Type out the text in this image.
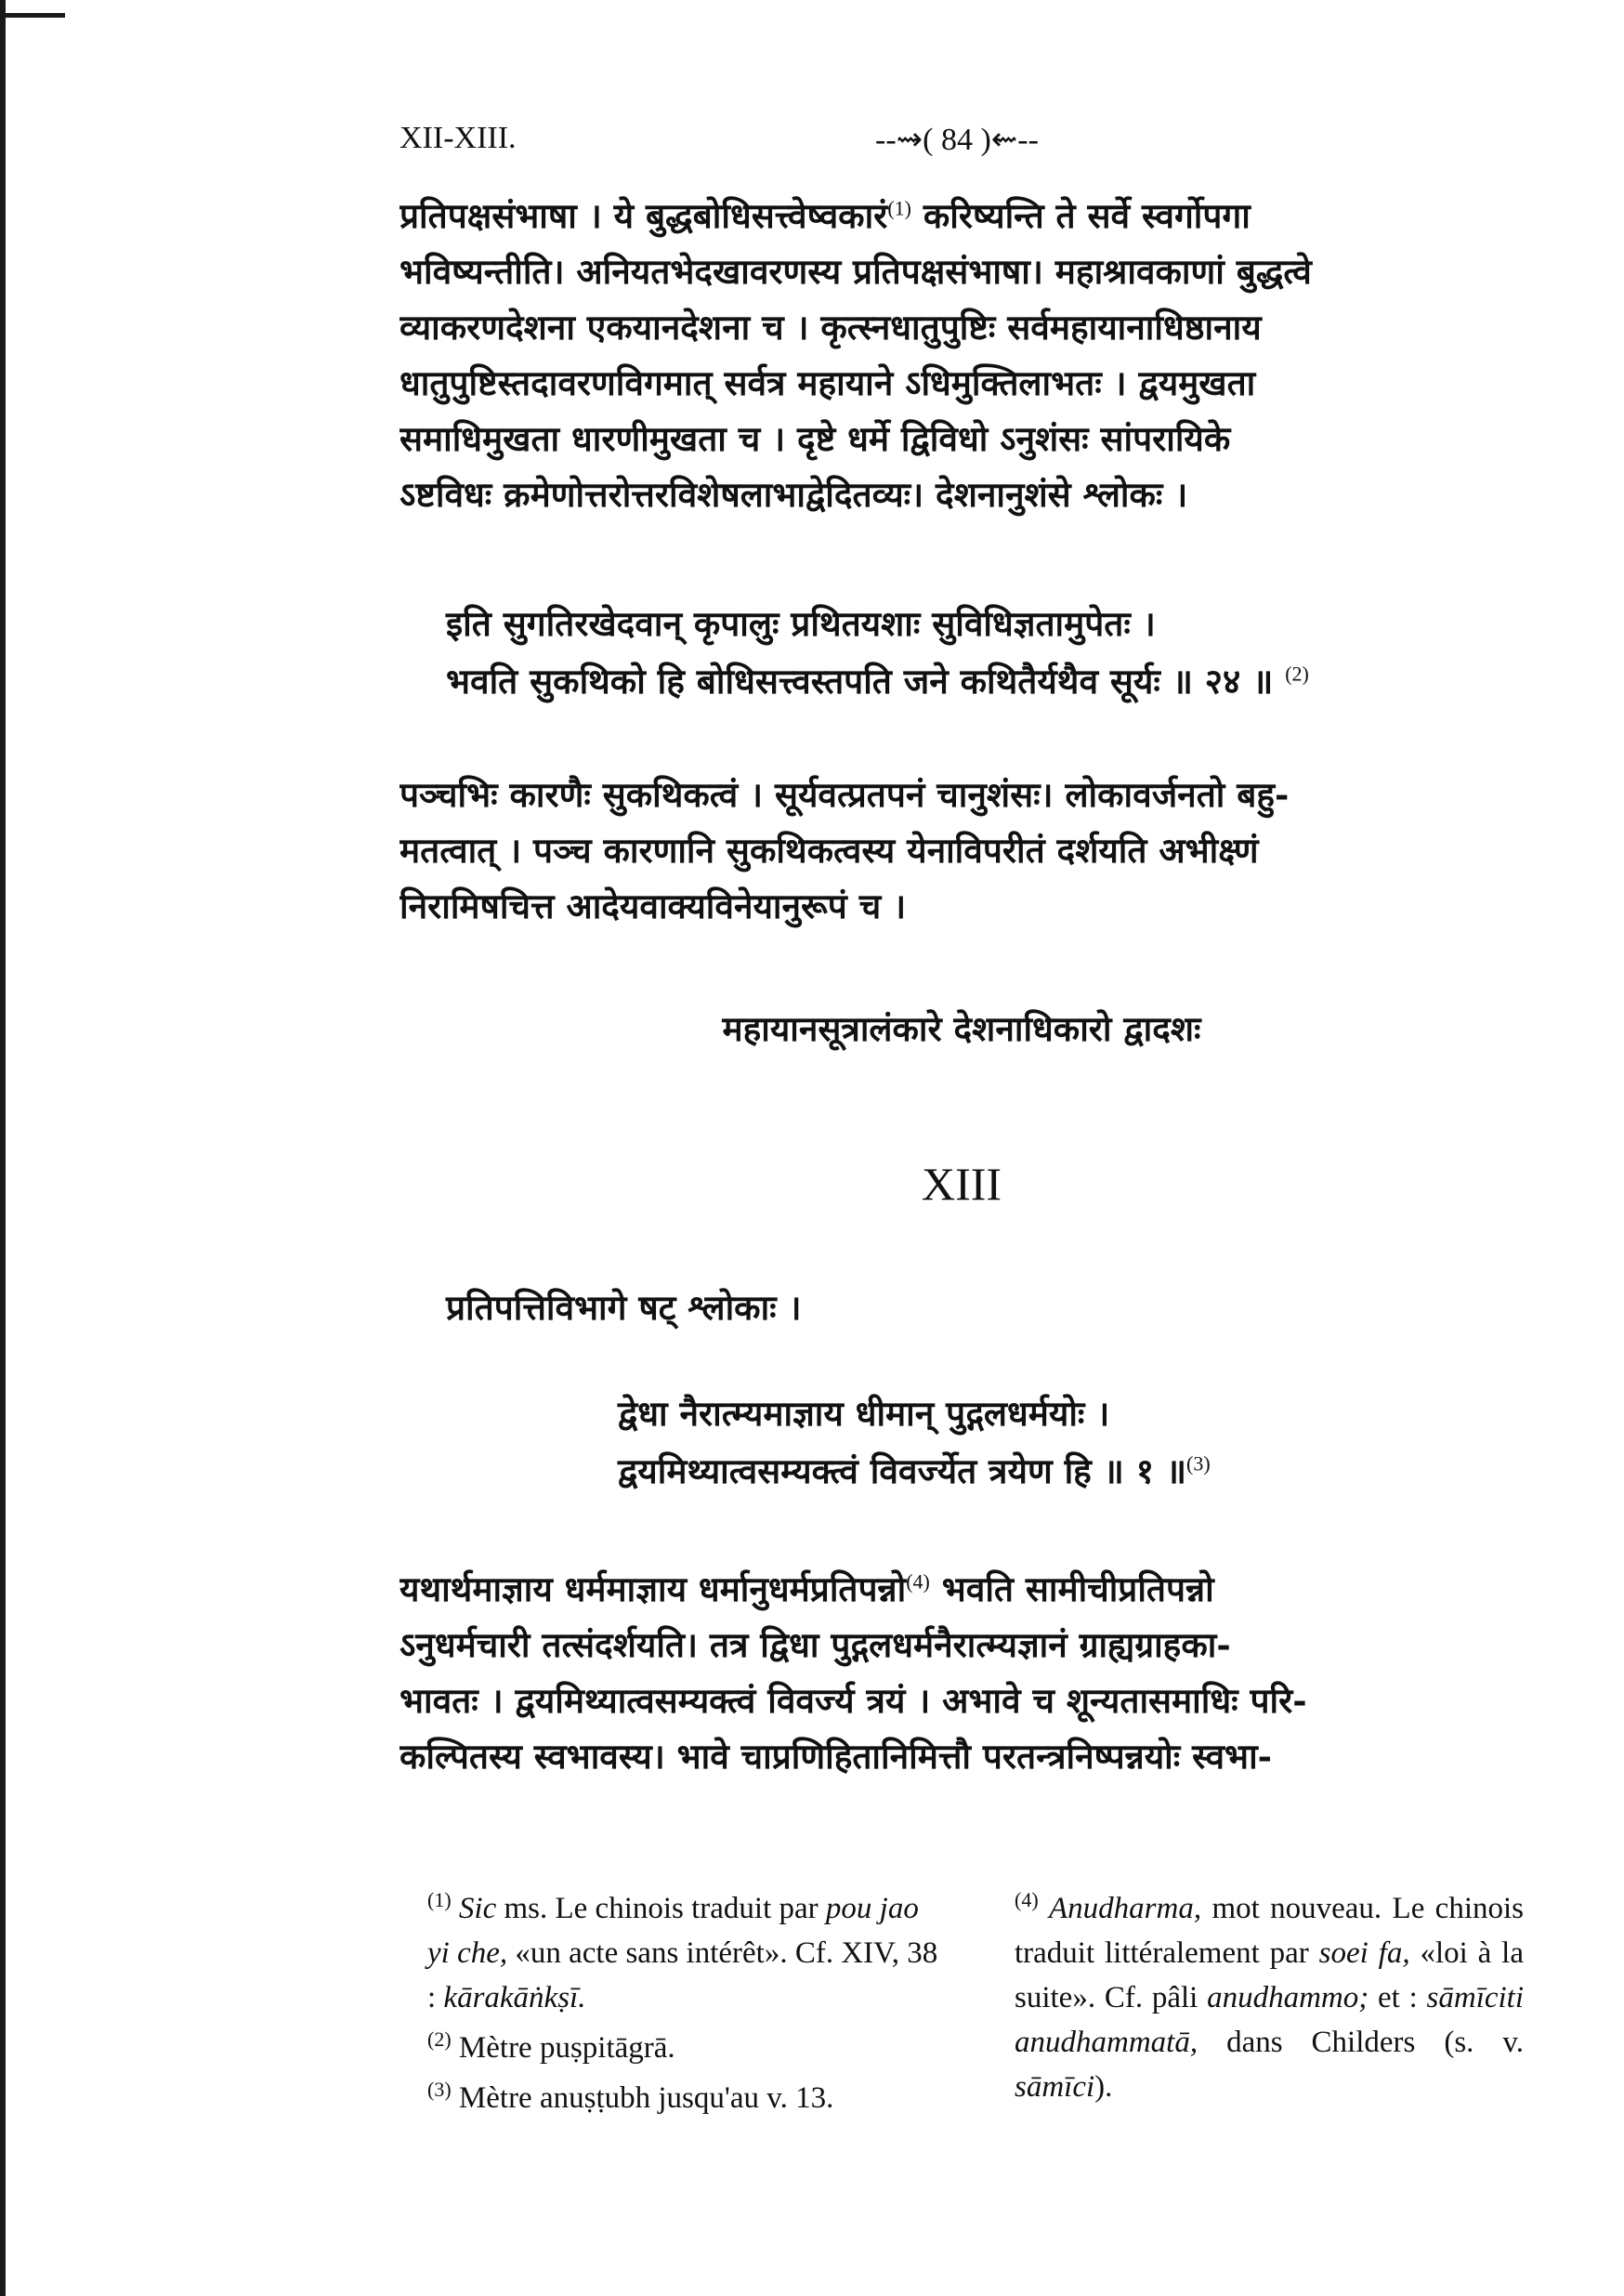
XII-XIII.	--⇝( 84 )⇜--

प्रतिपक्षसंभाषा । ये बुद्धबोधिसत्त्वेष्वकारं$^{(1)}$ करिष्यन्ति ते सर्वे स्वर्गोपगा

भविष्यन्तीति। अनियतभेदखावरणस्य प्रतिपक्षसंभाषा। महाश्रावकाणां बुद्धत्वे

व्याकरणदेशना एकयानदेशना च । कृत्स्नधातुपुष्टिः सर्वमहायानाधिष्ठानाय

धातुपुष्टिस्तदावरणविगमात् सर्वत्र महायाने ऽधिमुक्तिलाभतः । द्वयमुखता

समाधिमुखता धारणीमुखता च । दृष्टे धर्मे द्विविधो ऽनुशंसः सांपरायिके

ऽष्टविधः क्रमेणोत्तरोत्तरविशेषलाभाद्वेदितव्यः। देशनानुशंसे श्लोकः ।

इति सुगतिरखेदवान् कृपालुः प्रथितयशाः सुविधिज्ञतामुपेतः ।

भवति सुकथिको हि बोधिसत्त्वस्तपति जने कथितैर्यथैव सूर्यः ॥ २४ ॥ $^{(2)}$

पञ्चभिः कारणैः सुकथिकत्वं । सूर्यवत्प्रतपनं चानुशंसः। लोकावर्जनतो बहु-

मतत्वात् । पञ्च कारणानि सुकथिकत्वस्य येनाविपरीतं दर्शयति अभीक्ष्णं

निरामिषचित्त आदेयवाक्यविनेयानुरूपं च ।

महायानसूत्रालंकारे देशनाधिकारो द्वादशः
XIII
प्रतिपत्तिविभागे षट् श्लोकाः ।

द्वेधा नैरात्म्यमाज्ञाय धीमान् पुद्गलधर्मयोः ।

द्वयमिथ्यात्वसम्यक्त्वं विवर्ज्येत त्रयेण हि ॥ १ ॥$^{(3)}$

यथार्थमाज्ञाय धर्ममाज्ञाय धर्मानुधर्मप्रतिपन्नो$^{(4)}$ भवति सामीचीप्रतिपन्नो

ऽनुधर्मचारी तत्संदर्शयति। तत्र द्विधा पुद्गलधर्मनैरात्म्यज्ञानं ग्राह्यग्राहका-

भावतः । द्वयमिथ्यात्वसम्यक्त्वं विवर्ज्य त्रयं । अभावे च शून्यतासमाधिः परि-

कल्पितस्य स्वभावस्य। भावे चाप्रणिहितानिमित्तौ परतन्त्रनिष्पन्नयोः स्वभा-

$^{(1)}$ Sic ms. Le chinois traduit par pou jao yi che, «un acte sans intérêt». Cf. XIV, 38 : kārakāṅkṣī.

$^{(2)}$ Mètre puṣpitāgrā.

$^{(3)}$ Mètre anuṣṭubh jusqu'au v. 13.

$^{(4)}$ Anudharma, mot nouveau. Le chinois traduit littéralement par soei fa, «loi à la suite». Cf. pâli anudhammo; et : sāmīciti anudhammatā, dans Childers (s. v. sāmīci).
